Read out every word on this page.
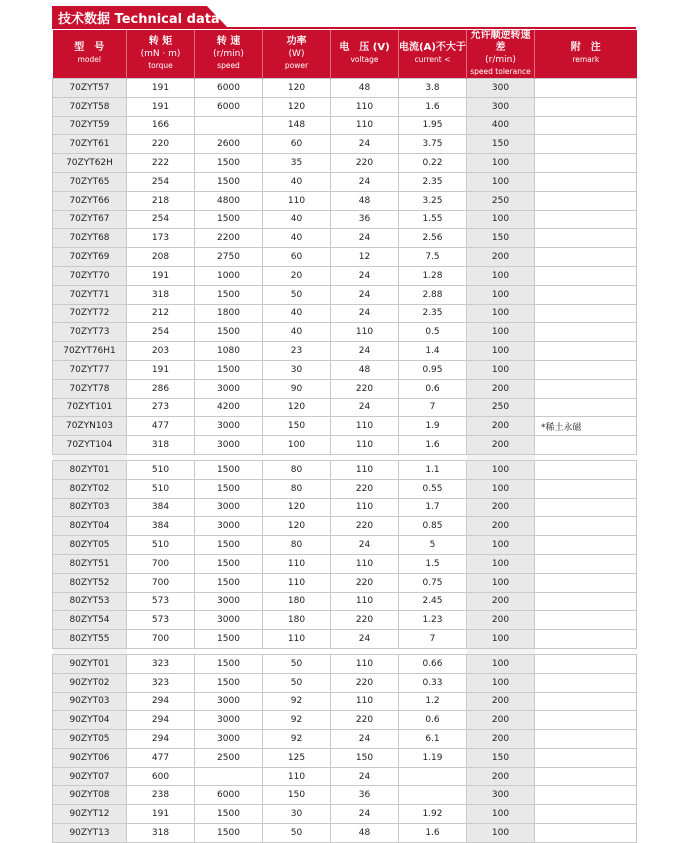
技术数据 Technical data
型　号
model	转 矩
(mN · m)
torque	转 速
(r/min)
speed	功率
(W)
power	电　压 (V)
voltage	电流(A)不大于
current <	允许顺逆转速差
(r/min)
speed tolerance	附　注
remark

70ZYT57	191	6000	120	48	3.8	300	
70ZYT58	191	6000	120	110	1.6	300	
70ZYT59	166		148	110	1.95	400	
70ZYT61	220	2600	60	24	3.75	150	
70ZYT62H	222	1500	35	220	0.22	100	
70ZYT65	254	1500	40	24	2.35	100	
70ZYT66	218	4800	110	48	3.25	250	
70ZYT67	254	1500	40	36	1.55	100	
70ZYT68	173	2200	40	24	2.56	150	
70ZYT69	208	2750	60	12	7.5	200	
70ZYT70	191	1000	20	24	1.28	100	
70ZYT71	318	1500	50	24	2.88	100	
70ZYT72	212	1800	40	24	2.35	100	
70ZYT73	254	1500	40	110	0.5	100	
70ZYT76H1	203	1080	23	24	1.4	100	
70ZYT77	191	1500	30	48	0.95	100	
70ZYT78	286	3000	90	220	0.6	200	
70ZYT101	273	4200	120	24	7	250	
70ZYN103	477	3000	150	110	1.9	200	*稀土永磁
70ZYT104	318	3000	100	110	1.6	200	

80ZYT01	510	1500	80	110	1.1	100	
80ZYT02	510	1500	80	220	0.55	100	
80ZYT03	384	3000	120	110	1.7	200	
80ZYT04	384	3000	120	220	0.85	200	
80ZYT05	510	1500	80	24	5	100	
80ZYT51	700	1500	110	110	1.5	100	
80ZYT52	700	1500	110	220	0.75	100	
80ZYT53	573	3000	180	110	2.45	200	
80ZYT54	573	3000	180	220	1.23	200	
80ZYT55	700	1500	110	24	7	100	

90ZYT01	323	1500	50	110	0.66	100	
90ZYT02	323	1500	50	220	0.33	100	
90ZYT03	294	3000	92	110	1.2	200	
90ZYT04	294	3000	92	220	0.6	200	
90ZYT05	294	3000	92	24	6.1	200	
90ZYT06	477	2500	125	150	1.19	150	
90ZYT07	600		110	24		200	
90ZYT08	238	6000	150	36		300	
90ZYT12	191	1500	30	24	1.92	100	
90ZYT13	318	1500	50	48	1.6	100	
